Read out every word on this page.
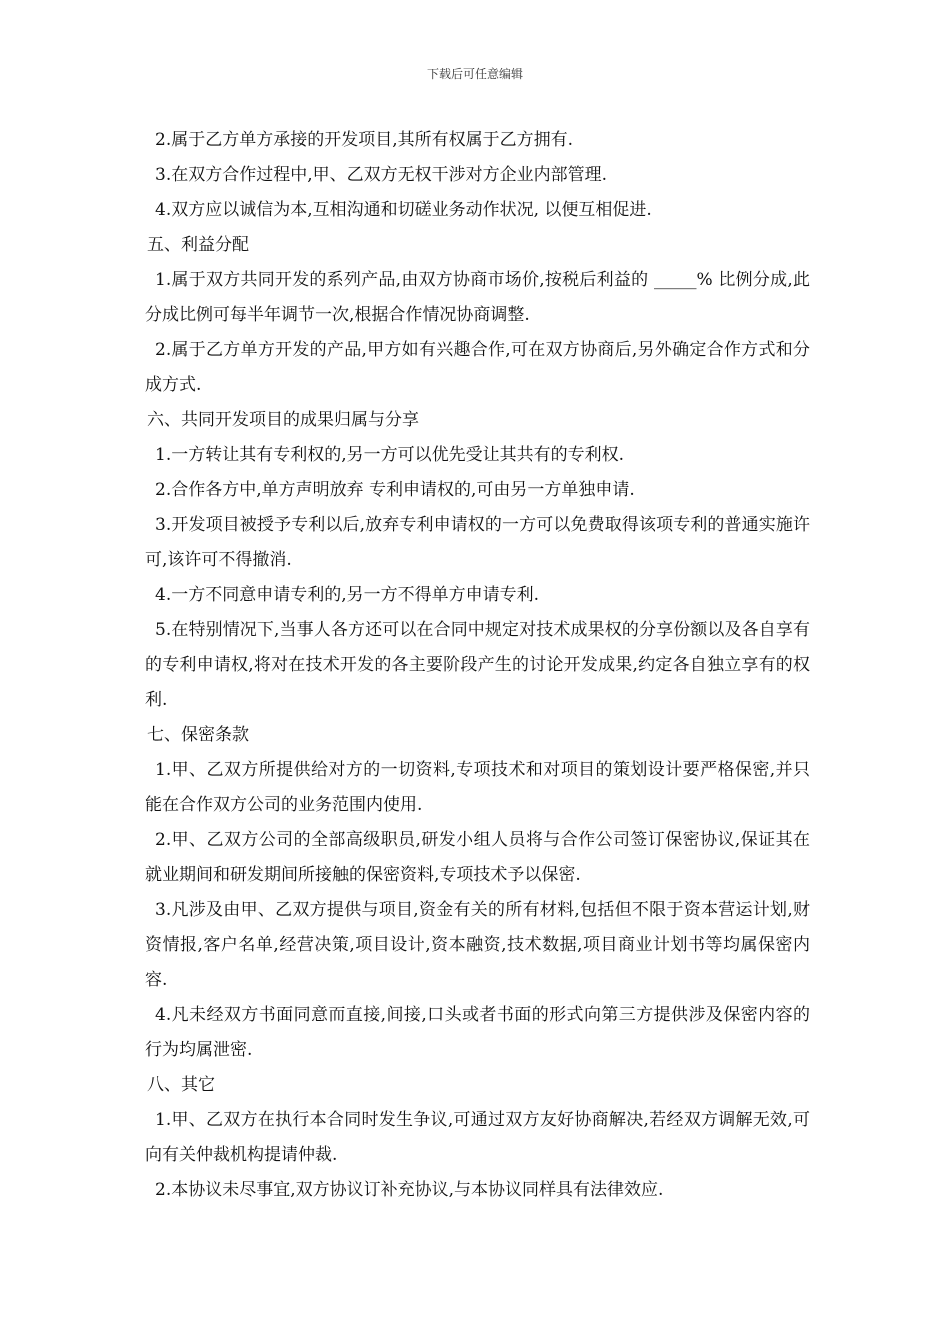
下载后可任意编辑

2.属于乙方单方承接的开发项目,其所有权属于乙方拥有.

3.在双方合作过程中,甲、乙双方无权干涉对方企业内部管理.

4.双方应以诚信为本,互相沟通和切磋业务动作状况, 以便互相促进.

五、利益分配

1.属于双方共同开发的系列产品,由双方协商市场价,按税后利益的 _____% 比例分成,此分成比例可每半年调节一次,根据合作情况协商调整.

2.属于乙方单方开发的产品,甲方如有兴趣合作,可在双方协商后,另外确定合作方式和分成方式.

六、共同开发项目的成果归属与分享

1.一方转让其有专利权的,另一方可以优先受让其共有的专利权.

2.合作各方中,单方声明放弃 专利申请权的,可由另一方单独申请.

3.开发项目被授予专利以后,放弃专利申请权的一方可以免费取得该项专利的普通实施许可,该许可不得撤消.

4.一方不同意申请专利的,另一方不得单方申请专利.

5.在特别情况下,当事人各方还可以在合同中规定对技术成果权的分享份额以及各自享有的专利申请权,将对在技术开发的各主要阶段产生的讨论开发成果,约定各自独立享有的权利.

七、保密条款

1.甲、乙双方所提供给对方的一切资料,专项技术和对项目的策划设计要严格保密,并只能在合作双方公司的业务范围内使用.

2.甲、乙双方公司的全部高级职员,研发小组人员将与合作公司签订保密协议,保证其在就业期间和研发期间所接触的保密资料,专项技术予以保密.

3.凡涉及由甲、乙双方提供与项目,资金有关的所有材料,包括但不限于资本营运计划,财资情报,客户名单,经营决策,项目设计,资本融资,技术数据,项目商业计划书等均属保密内容.

4.凡未经双方书面同意而直接,间接,口头或者书面的形式向第三方提供涉及保密内容的行为均属泄密.

八、其它

1.甲、乙双方在执行本合同时发生争议,可通过双方友好协商解决,若经双方调解无效,可向有关仲裁机构提请仲裁.

2.本协议未尽事宜,双方协议订补充协议,与本协议同样具有法律效应.
